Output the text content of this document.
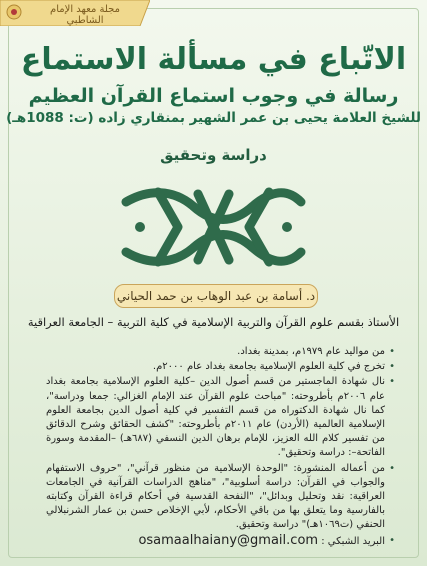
مجلة معهد الإمام الشاطبي
الاتّباع في مسألة الاستماع
رسالة في وجوب استماع القرآن العظيم
للشيخ العلامة يحيى بن عمر الشهير بمنقاري زاده (ت: 1088هـ)
دراسة وتحقيق
د. أسامة بن عبد الوهاب بن حمد الحياني
الأستاذ بقسم علوم القرآن والتربية الإسلامية في كلية التربية – الجامعة العراقية
• من مواليد عام ١٩٧٩م، بمدينة بغداد.
• تخرج في كلية العلوم الإسلامية بجامعة بغداد عام ٢٠٠٠م.
• نال شهادة الماجستير من قسم أصول الدين –كلية العلوم الإسلامية بجامعة بغداد عام ٢٠٠٦م بأطروحته: "مباحث علوم القرآن عند الإمام الغزالي: جمعا ودراسة"، كما نال شهادة الدكتوراه من قسم التفسير في كلية أصول الدين بجامعة العلوم الإسلامية العالمية (الأردن) عام ٢٠١١م بأطروحته: "كشف الحقائق وشرح الدقائق من تفسير كلام الله العزيز، للإمام برهان الدين النسفي (٦٨٧هـ) –المقدمة وسورة الفاتحة–: دراسة وتحقيق".
• من أعماله المنشورة: "الوحدة الإسلامية من منظور قرآني"، "حروف الاستفهام والجواب في القرآن: دراسة أسلوبية"، "مناهج الدراسات القرآنية في الجامعات العراقية: نقد وتحليل وبدائل"، "النفحة القدسية في أحكام قراءة القرآن وكتابته بالفارسية وما يتعلق بها من باقي الأحكام، لأبي الإخلاص حسن بن عمار الشرنبلالي الحنفي (ت١٠٦٩هـ)" دراسة وتحقيق.
• البريد الشبكي : osamaalhaiany@gmail.com
